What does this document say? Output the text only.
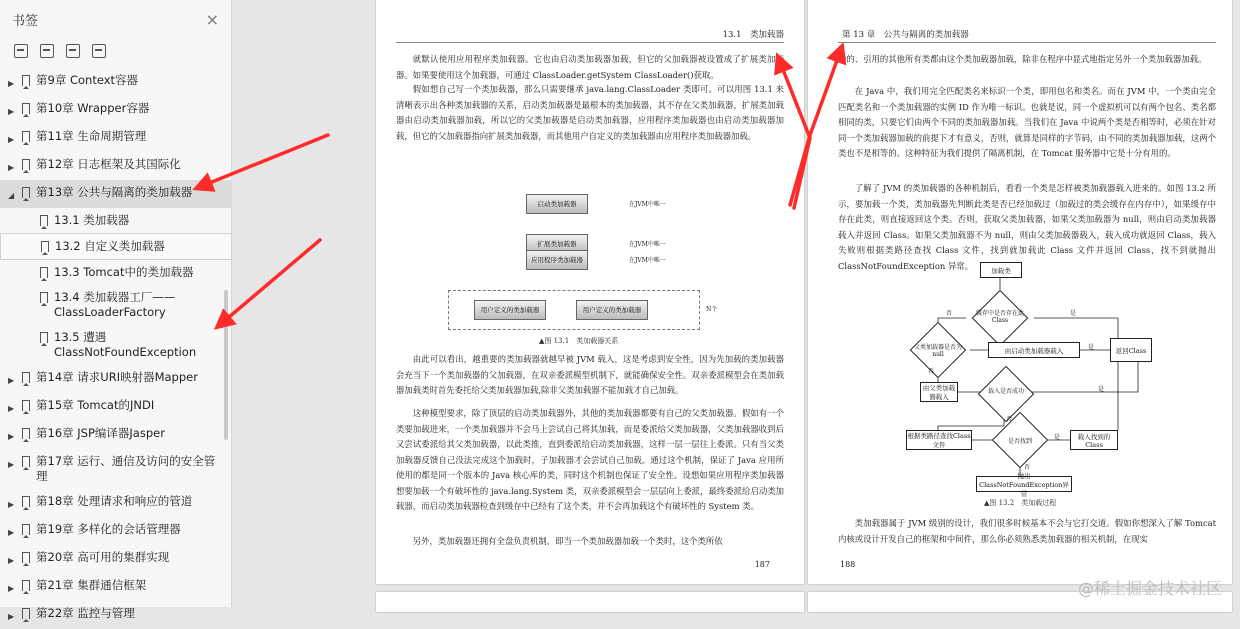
书签	×
▶	第9章 Context容器
▶	第10章 Wrapper容器
▶	第11章 生命周期管理
▶	第12章 日志框架及其国际化
◢	第13章 公共与隔离的类加载器
13.1 类加载器
13.2 自定义类加载器
13.3 Tomcat中的类加载器
13.4 类加载器工厂——ClassLoaderFactory
13.5 遭遇ClassNotFoundException
▶	第14章 请求URI映射器Mapper
▶	第15章 Tomcat的JNDI
▶	第16章 JSP编译器Jasper
▶	第17章 运行、通信及访问的安全管理
▶	第18章 处理请求和响应的管道
▶	第19章 多样化的会话管理器
▶	第20章 高可用的集群实现
▶	第21章 集群通信框架
▶	第22章 监控与管理
13.1　类加载器
就默认使用应用程序类加载器。它也由启动类加载器加载，但它的父加载器被设置成了扩展类加载器。如果要使用这个加载器，可通过 ClassLoader.getSystem ClassLoader()获取。
假如想自己写一个类加载器，那么只需要继承 java.lang.ClassLoader 类即可。可以用图 13.1 来清晰表示出各种类加载器的关系，启动类加载器是最根本的类加载器，其不存在父类加载器，扩展类加载器由启动类加载器加载，所以它的父类加载器是启动类加载器，应用程序类加载器也由启动类加载器加载，但它的父加载器指向扩展类加载器，而其他用户自定义的类加载器由应用程序类加载器加载。
启动类加载器
扩展类加载器
应用程序类加载器
在JVM中唯一
在JVM中唯一
在JVM中唯一
用户定义的类加载器	用户定义的类加载器	N个
▲图 13.1　类加载器关系
由此可以看出，越重要的类加载器就越早被 JVM 载入，这是考虑到安全性，因为先加载的类加载器会充当下一个类加载器的父加载器，在双亲委派模型机制下，就能确保安全性。双亲委派模型会在类加载器加载类时首先委托给父类加载器加载,除非父类加载器不能加载才自己加载。
这种模型要求，除了顶层的启动类加载器外，其他的类加载器都要有自己的父类加载器。假如有一个类要加载进来，一个类加载器并不会马上尝试自己将其加载，而是委派给父类加载器，父类加载器收到后又尝试委派给其父类加载器，以此类推，直到委派给启动类加载器，这样一层一层往上委派。只有当父类加载器反馈自己没法完成这个加载时，子加载器才会尝试自己加载。通过这个机制，保证了 Java 应用所使用的都是同一个版本的 Java 核心库的类，同时这个机制也保证了安全性。设想如果应用程序类加载器想要加载一个有破坏性的 java.lang.System 类，双亲委派模型会一层层向上委派，最终委派给启动类加载器，而启动类加载器检查到缓存中已经有了这个类，并不会再加载这个有破坏性的 System 类。
另外，类加载器还拥有全盘负责机制，即当一个类加载器加载一个类时，这个类所依
187
第 13 章　公共与隔离的类加载器
赖的、引用的其他所有类都由这个类加载器加载，除非在程序中显式地指定另外一个类加载器加载。
在 Java 中，我们用完全匹配类名来标识一个类，即用包名和类名。而在 JVM 中，一个类由完全匹配类名和一个类加载器的实例 ID 作为唯一标识。也就是说，同一个虚拟机可以有两个包名、类名都相同的类，只要它们由两个不同的类加载器加载。当我们在 Java 中说两个类是否相等时，必须在针对同一个类加载器加载的前提下才有意义，否则，就算是同样的字节码，由不同的类加载器加载，这两个类也不是相等的。这种特征为我们提供了隔离机制，在 Tomcat 服务器中它是十分有用的。
了解了 JVM 的类加载器的各种机制后，看看一个类是怎样被类加载器载入进来的。如图 13.2 所示，要加载一个类，类加载器先判断此类是否已经加载过（加载过的类会缓存在内存中），如果缓存中存在此类，则直接返回这个类。否则，获取父类加载器，如果父类加载器为 null，则由启动类加载器载入并返回 Class。如果父类加载器不为 null，则由父类加载器载入，载入成功就返回 Class，载入失败则根据类路径查找 Class 文件，找到就加载此 Class 文件并返回 Class，找不到就抛出 ClassNotFoundException 异常。	加载类
缓存中是否存在此Class
父类加载器是否为null	由启动类加载器载入	返回Class
由父类加载器载入
载入是否成功
根据类路径查找Class文件	是否找到
载入找到的Class
抛出ClassNotFoundException异常
否	是
是
否
是
否
是
否
▲图 13.2　类加载过程
类加载器属于 JVM 级别的设计，我们很多时候基本不会与它打交道。假如你想深入了解 Tomcat 内核或设计开发自己的框架和中间件，那么你必须熟悉类加载器的相关机制，在现实
188
@稀土掘金技术社区
